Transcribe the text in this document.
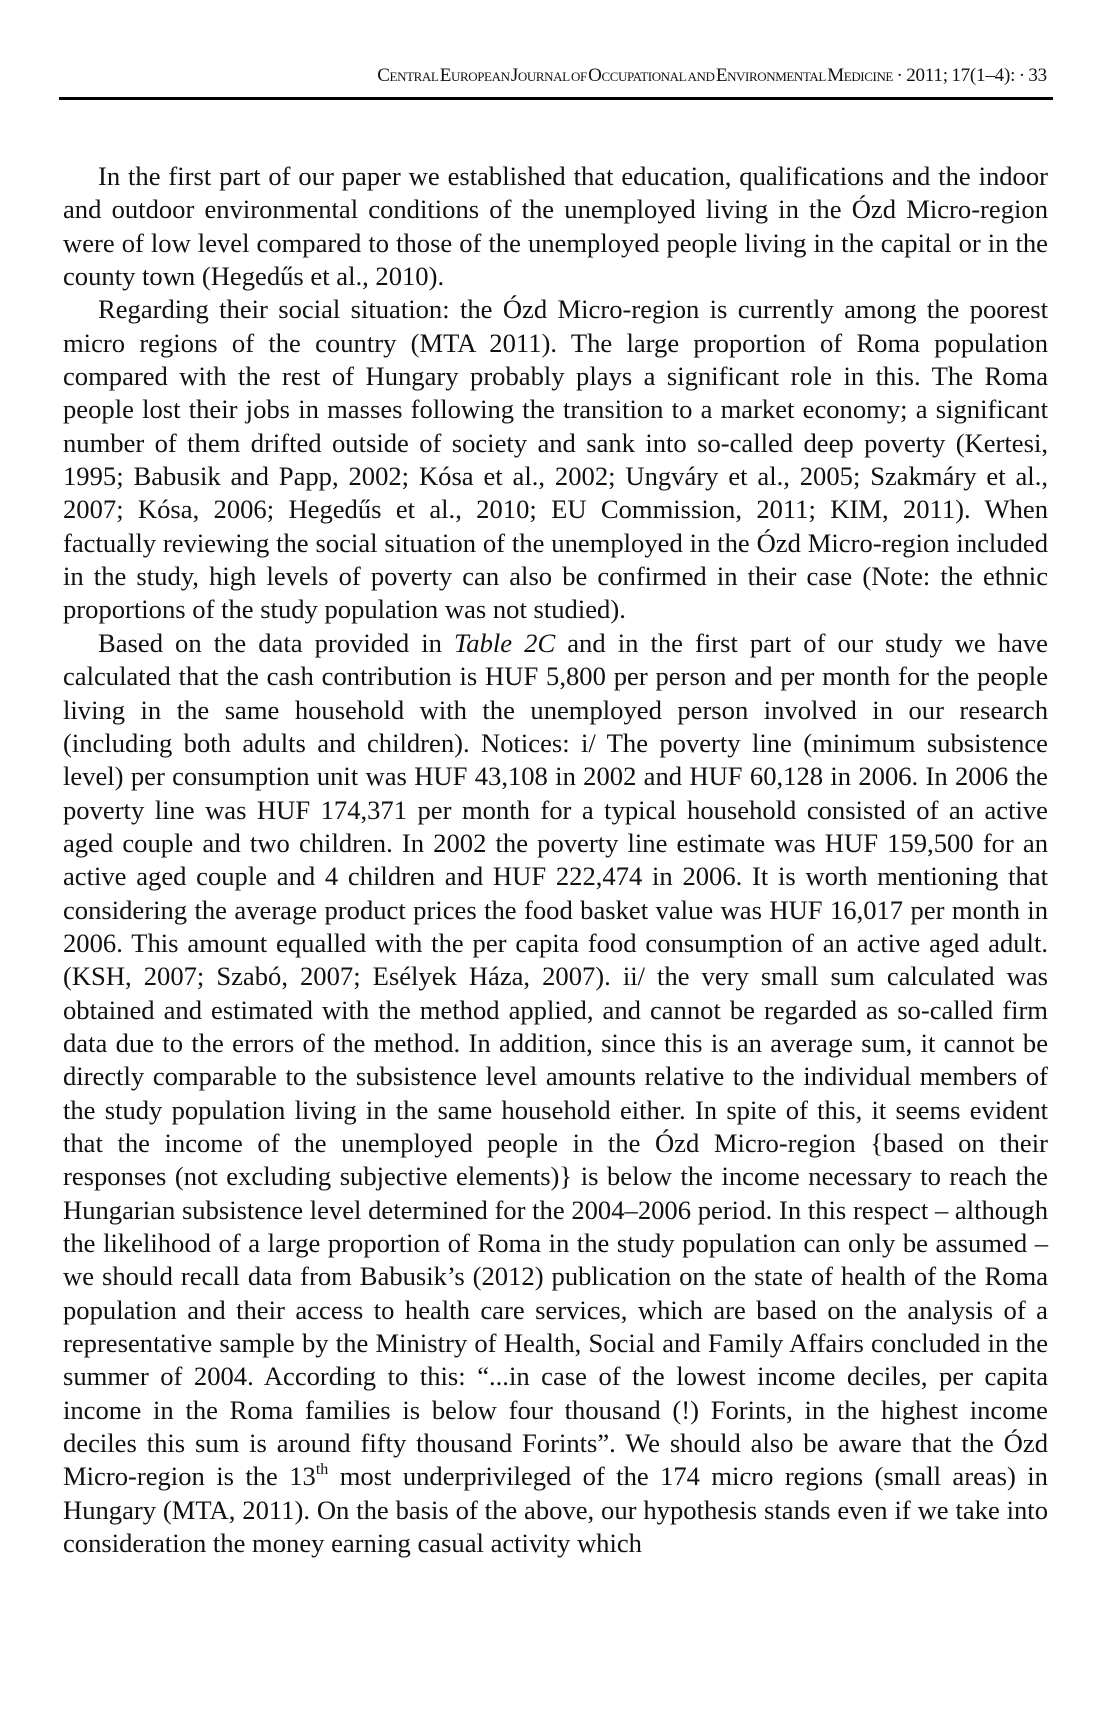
Central European Journal of Occupational and Environmental Medicine · 2011; 17(1–4): · 33

In the first part of our paper we established that education, qualifications and the indoor and outdoor environmental conditions of the unemployed living in the Ózd Micro-region were of low level compared to those of the unemployed people living in the capital or in the county town (Hegedűs et al., 2010).

Regarding their social situation: the Ózd Micro-region is currently among the poorest micro regions of the country (MTA 2011). The large proportion of Roma population compared with the rest of Hungary probably plays a significant role in this. The Roma people lost their jobs in masses following the transition to a market economy; a significant number of them drifted outside of society and sank into so-called deep poverty (Kertesi, 1995; Babusik and Papp, 2002; Kósa et al., 2002; Ungváry et al., 2005; Szakmáry et al., 2007; Kósa, 2006; Hegedűs et al., 2010; EU Commission, 2011; KIM, 2011). When factually reviewing the social situation of the unemployed in the Ózd Micro-region included in the study, high levels of poverty can also be confirmed in their case (Note: the ethnic proportions of the study population was not studied).

Based on the data provided in Table 2C and in the first part of our study we have calculated that the cash contribution is HUF 5,800 per person and per month for the people living in the same household with the unemployed person involved in our research (including both adults and children). Notices: i/ The poverty line (minimum subsistence level) per consumption unit was HUF 43,108 in 2002 and HUF 60,128 in 2006. In 2006 the poverty line was HUF 174,371 per month for a typical household consisted of an active aged couple and two children. In 2002 the poverty line estimate was HUF 159,500 for an active aged couple and 4 children and HUF 222,474 in 2006. It is worth mentioning that considering the average product prices the food basket value was HUF 16,017 per month in 2006. This amount equalled with the per capita food consumption of an active aged adult. (KSH, 2007; Szabó, 2007; Esélyek Háza, 2007). ii/ the very small sum calculated was obtained and estimated with the method applied, and cannot be regarded as so-called firm data due to the errors of the method. In addition, since this is an average sum, it cannot be directly comparable to the subsistence level amounts relative to the individual members of the study population living in the same household either. In spite of this, it seems evident that the income of the unemployed people in the Ózd Micro-region {based on their responses (not excluding subjective elements)} is below the income necessary to reach the Hungarian subsistence level determined for the 2004–2006 period. In this respect – although the likelihood of a large proportion of Roma in the study population can only be assumed – we should recall data from Babusik’s (2012) publication on the state of health of the Roma population and their access to health care services, which are based on the analysis of a representative sample by the Ministry of Health, Social and Family Affairs concluded in the summer of 2004. According to this: “...in case of the lowest income deciles, per capita income in the Roma families is below four thousand (!) Forints, in the highest income deciles this sum is around fifty thousand Forints”. We should also be aware that the Ózd Micro-region is the 13th most underprivileged of the 174 micro regions (small areas) in Hungary (MTA, 2011). On the basis of the above, our hypothesis stands even if we take into consideration the money earning casual activity which
